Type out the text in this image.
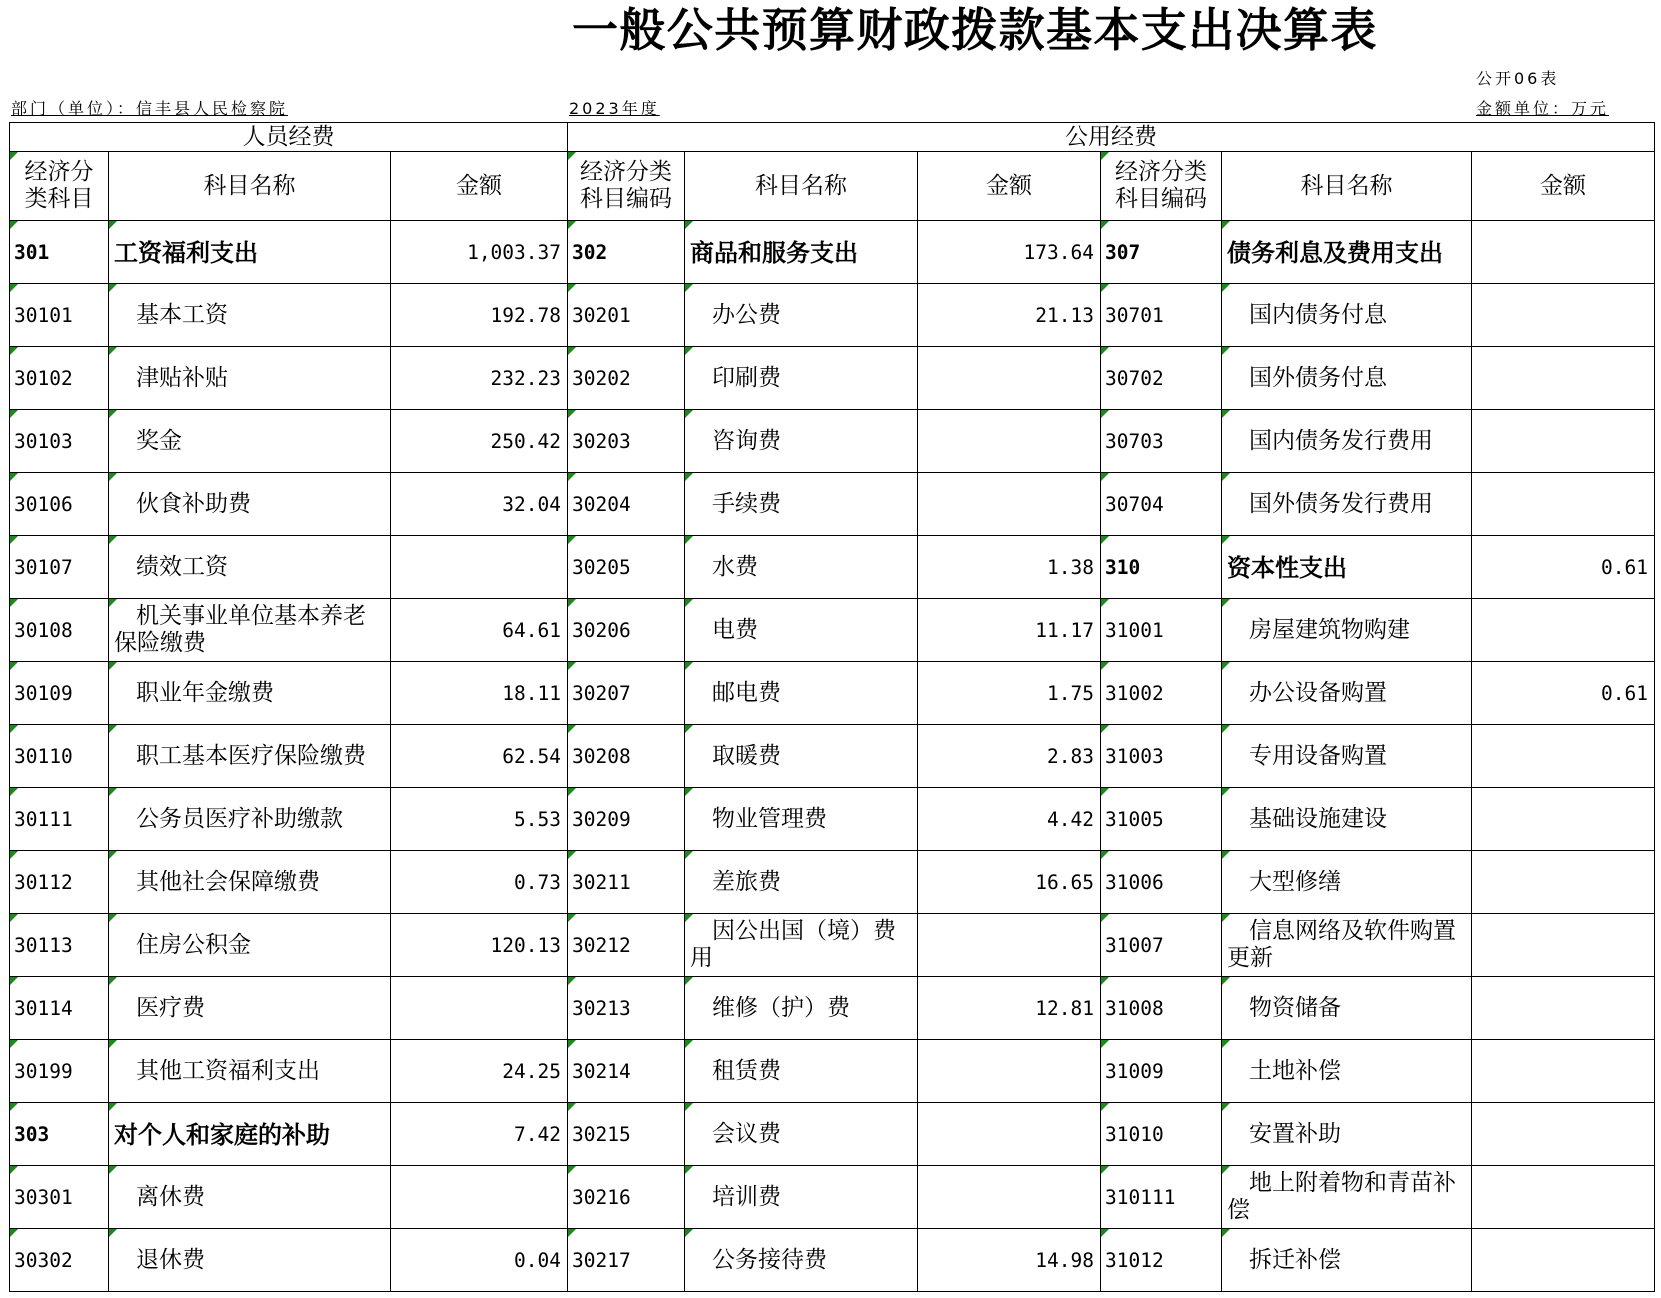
一般公共预算财政拨款基本支出决算表
公开06表
部门（单位）：信丰县人民检察院	2023年度	金额单位：万元
人员经费			公用经费					
经济分类科目	科目名称	金额	经济分类科目编码	科目名称	金额	经济分类科目编码	科目名称	金额
301	工资福利支出	1,003.37	302	商品和服务支出	173.64	307	债务利息及费用支出	
30101	基本工资	192.78	30201	办公费	21.13	30701	国内债务付息	
30102	津贴补贴	232.23	30202	印刷费		30702	国外债务付息	
30103	奖金	250.42	30203	咨询费		30703	国内债务发行费用	
30106	伙食补助费	32.04	30204	手续费		30704	国外债务发行费用	
30107	绩效工资		30205	水费	1.38	310	资本性支出	0.61
30108	机关事业单位基本养老保险缴费	64.61	30206	电费	11.17	31001	房屋建筑物购建	
30109	职业年金缴费	18.11	30207	邮电费	1.75	31002	办公设备购置	0.61
30110	职工基本医疗保险缴费	62.54	30208	取暖费	2.83	31003	专用设备购置	
30111	公务员医疗补助缴款	5.53	30209	物业管理费	4.42	31005	基础设施建设	
30112	其他社会保障缴费	0.73	30211	差旅费	16.65	31006	大型修缮	
30113	住房公积金	120.13	30212	因公出国（境）费用		31007	信息网络及软件购置更新	
30114	医疗费		30213	维修（护）费	12.81	31008	物资储备	
30199	其他工资福利支出	24.25	30214	租赁费		31009	土地补偿	
303	对个人和家庭的补助	7.42	30215	会议费		31010	安置补助	
30301	离休费		30216	培训费		310111	地上附着物和青苗补偿	
30302	退休费	0.04	30217	公务接待费	14.98	31012	拆迁补偿	
